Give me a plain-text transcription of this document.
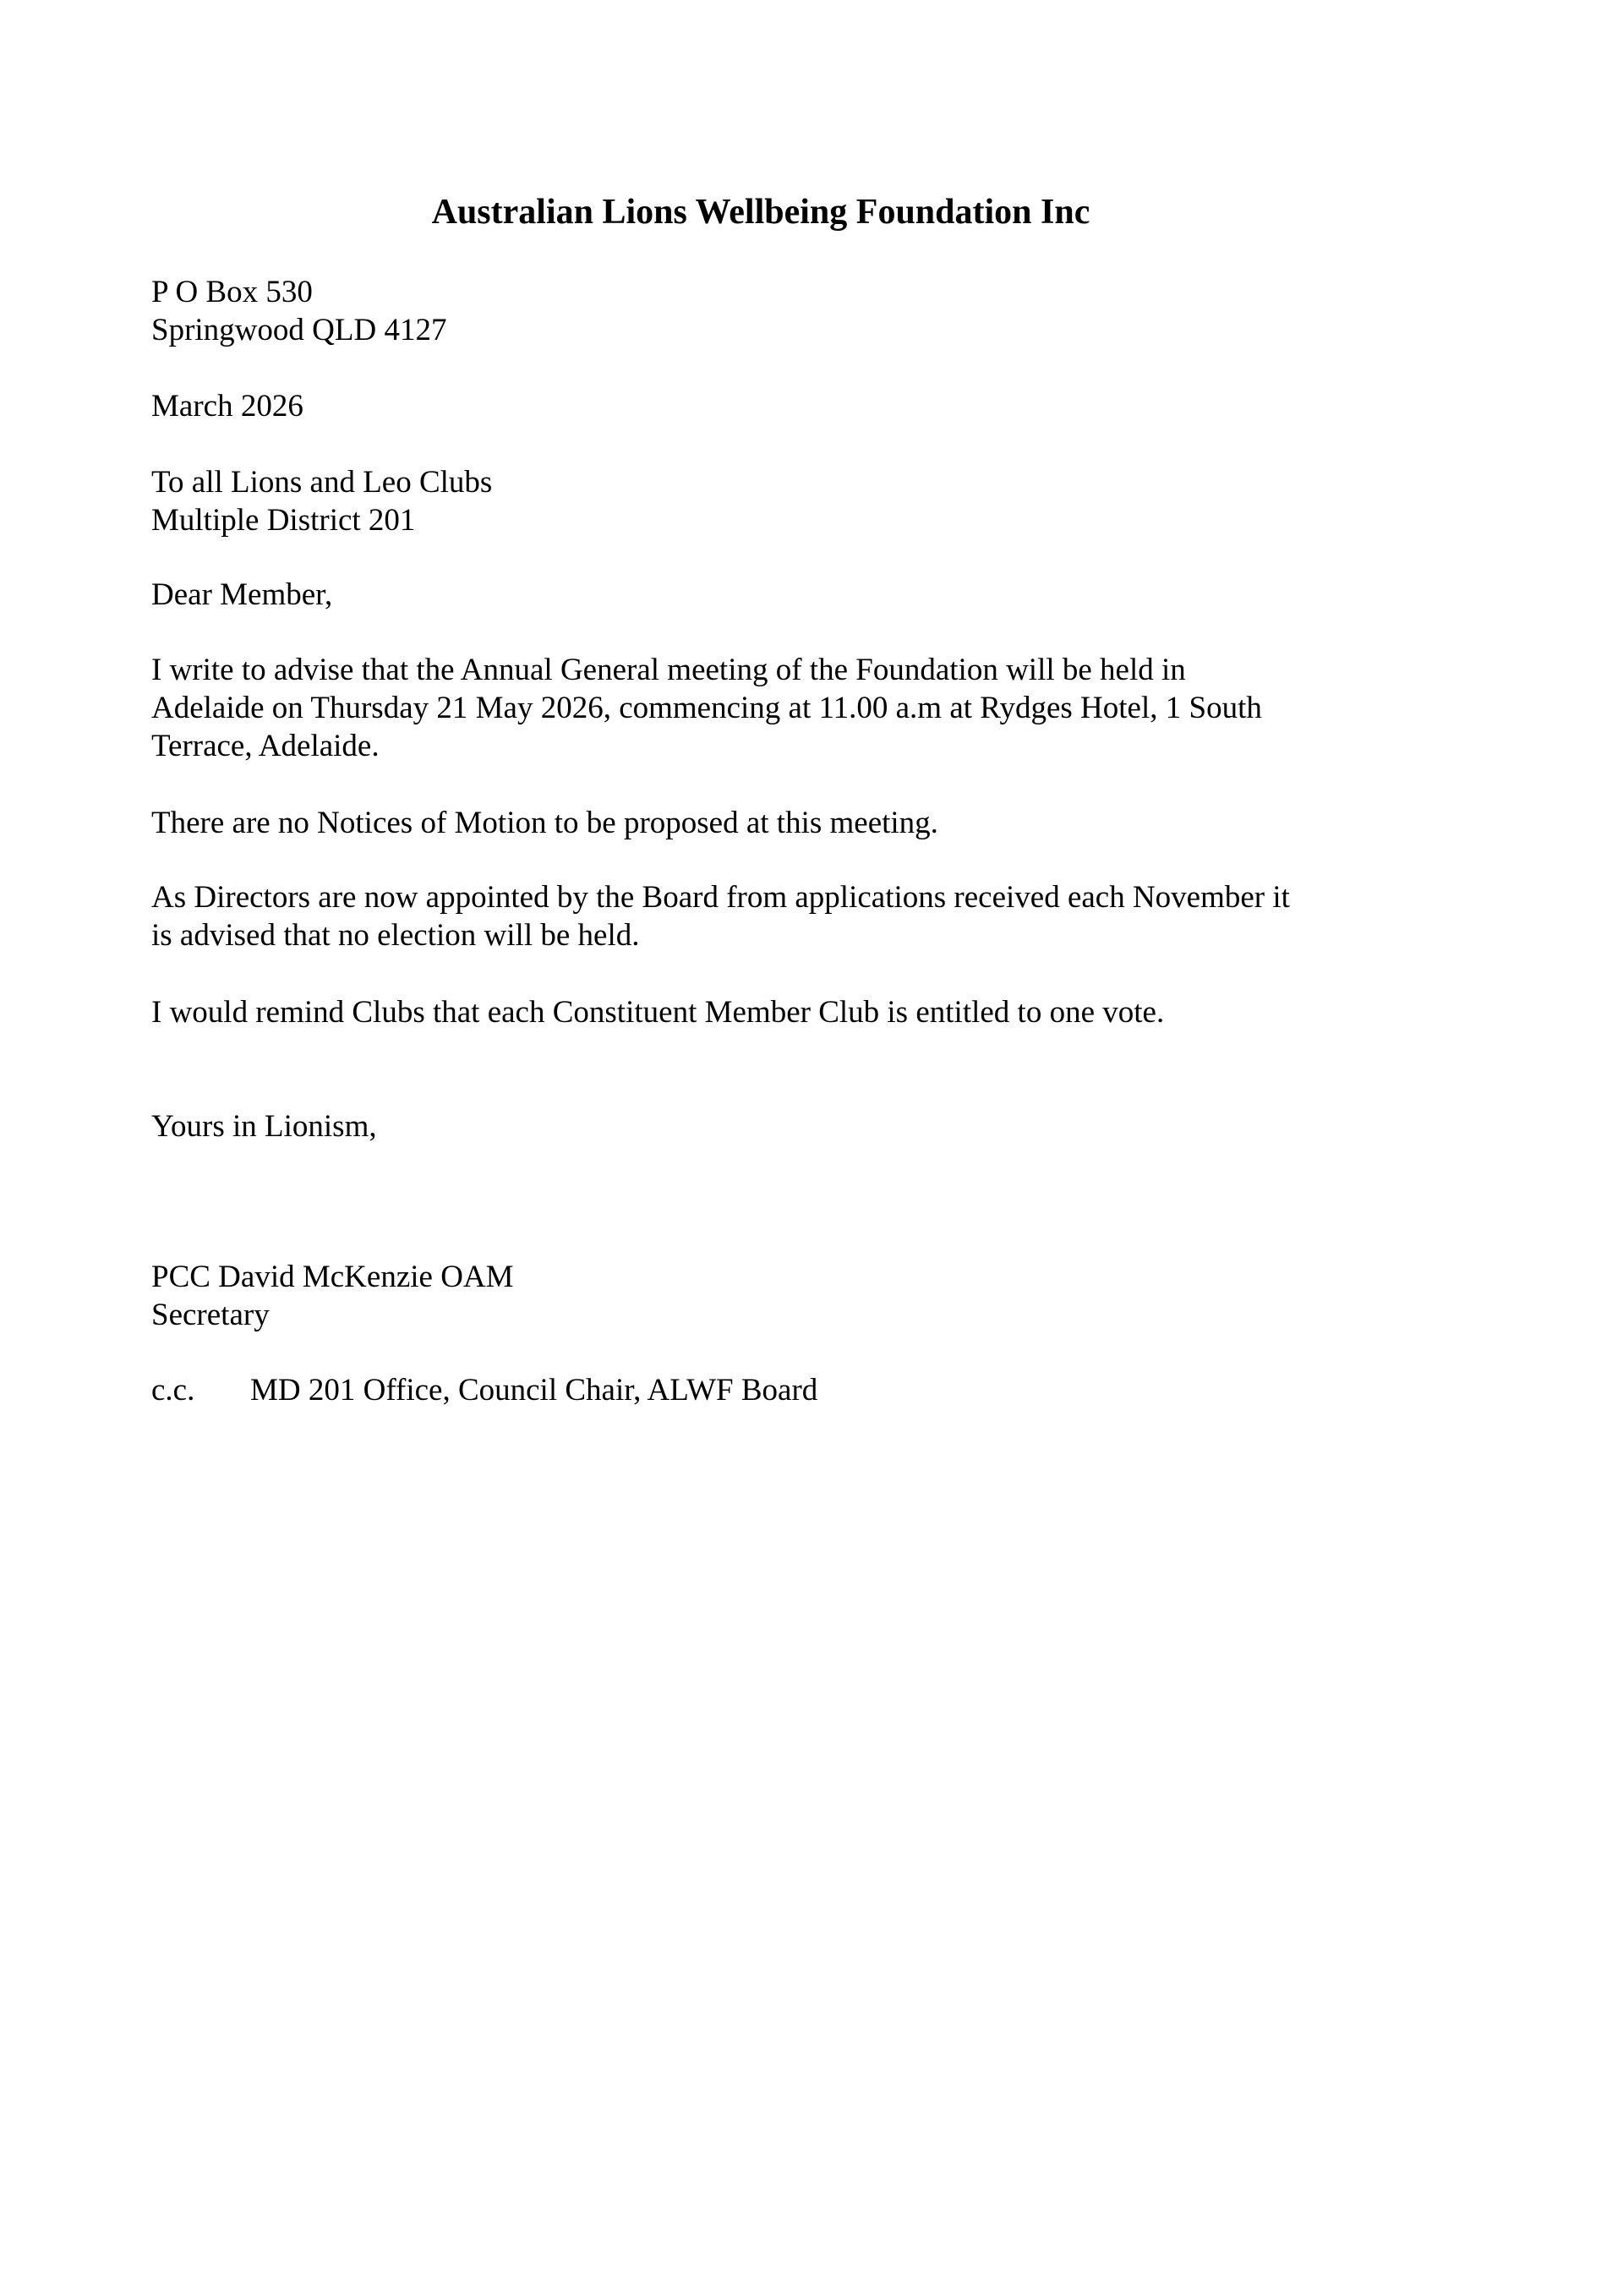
Australian Lions Wellbeing Foundation Inc
P O Box 530
Springwood QLD 4127
March 2026
To all Lions and Leo Clubs
Multiple District 201
Dear Member,
I write to advise that the Annual General meeting of the Foundation will be held in
Adelaide on Thursday 21 May 2026, commencing at 11.00 a.m at Rydges Hotel, 1 South
Terrace, Adelaide.
There are no Notices of Motion to be proposed at this meeting.
As Directors are now appointed by the Board from applications received each November it
is advised that no election will be held.
I would remind Clubs that each Constituent Member Club is entitled to one vote.
Yours in Lionism,
PCC David McKenzie OAM
Secretary
c.c. MD 201 Office, Council Chair, ALWF Board
